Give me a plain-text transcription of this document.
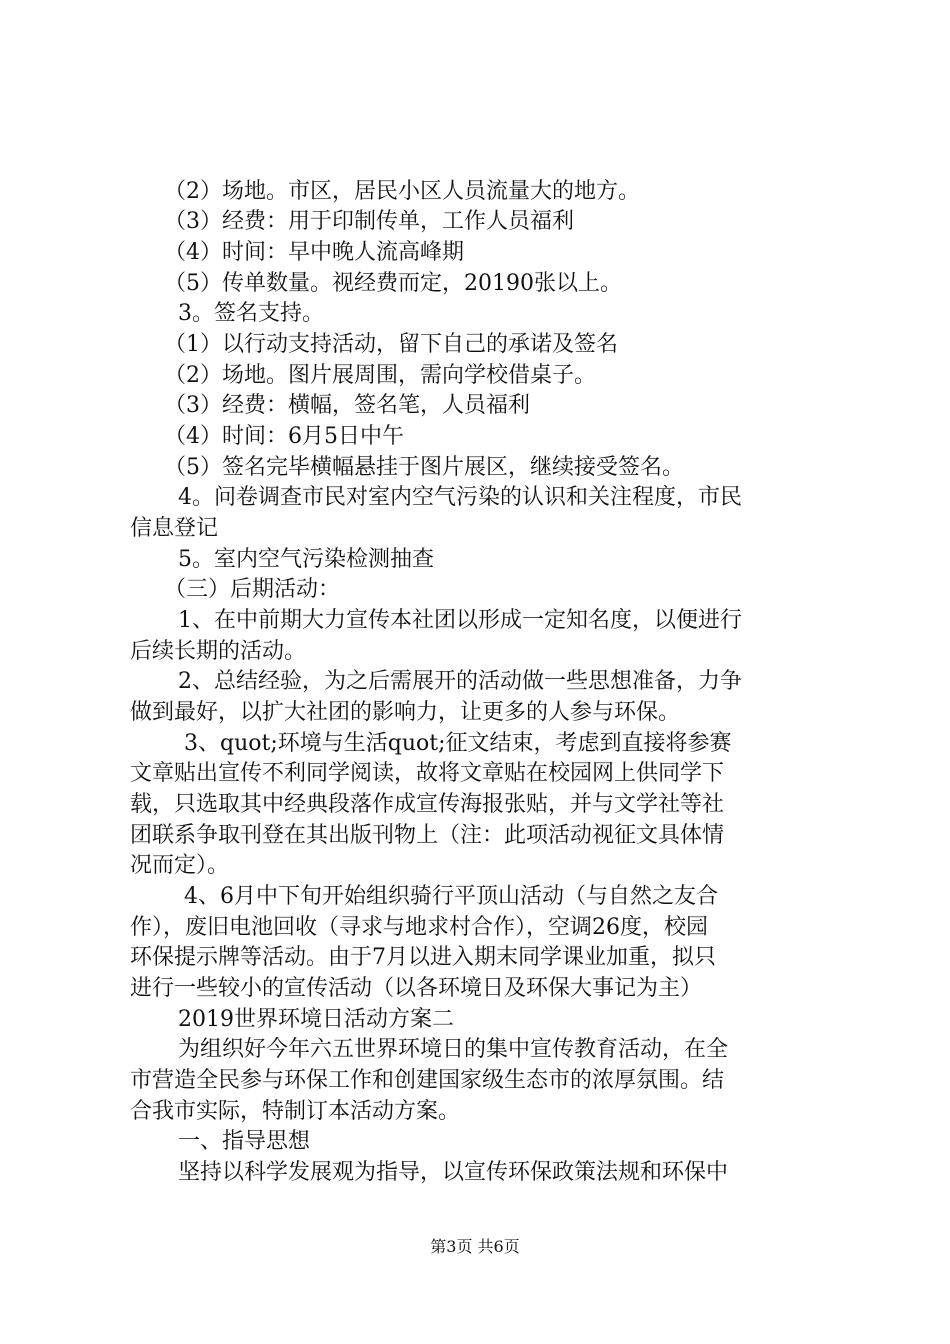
（2）场地。市区，居民小区人员流量大的地方。
（3）经费：用于印制传单，工作人员福利
（4）时间：早中晚人流高峰期
（5）传单数量。视经费而定，20190张以上。
3。签名支持。
（1）以行动支持活动，留下自己的承诺及签名
（2）场地。图片展周围，需向学校借桌子。
（3）经费：横幅，签名笔，人员福利
（4）时间：6月5日中午
（5）签名完毕横幅悬挂于图片展区，继续接受签名。
4。问卷调查市民对室内空气污染的认识和关注程度，市民
信息登记
5。室内空气污染检测抽查
（三）后期活动：
1、在中前期大力宣传本社团以形成一定知名度，以便进行
后续长期的活动。
2、总结经验，为之后需展开的活动做一些思想准备，力争
做到最好，以扩大社团的影响力，让更多的人参与环保。
3、quot;环境与生活quot;征文结束，考虑到直接将参赛
文章贴出宣传不利同学阅读，故将文章贴在校园网上供同学下
载，只选取其中经典段落作成宣传海报张贴，并与文学社等社
团联系争取刊登在其出版刊物上（注：此项活动视征文具体情
况而定）。
4、6月中下旬开始组织骑行平顶山活动（与自然之友合
作），废旧电池回收（寻求与地求村合作），空调26度，校园
环保提示牌等活动。由于7月以进入期末同学课业加重，拟只
进行一些较小的宣传活动（以各环境日及环保大事记为主）
2019世界环境日活动方案二
为组织好今年六五世界环境日的集中宣传教育活动，在全
市营造全民参与环保工作和创建国家级生态市的浓厚氛围。结
合我市实际，特制订本活动方案。
一、指导思想
坚持以科学发展观为指导，以宣传环保政策法规和环保中
第3页 共6页
